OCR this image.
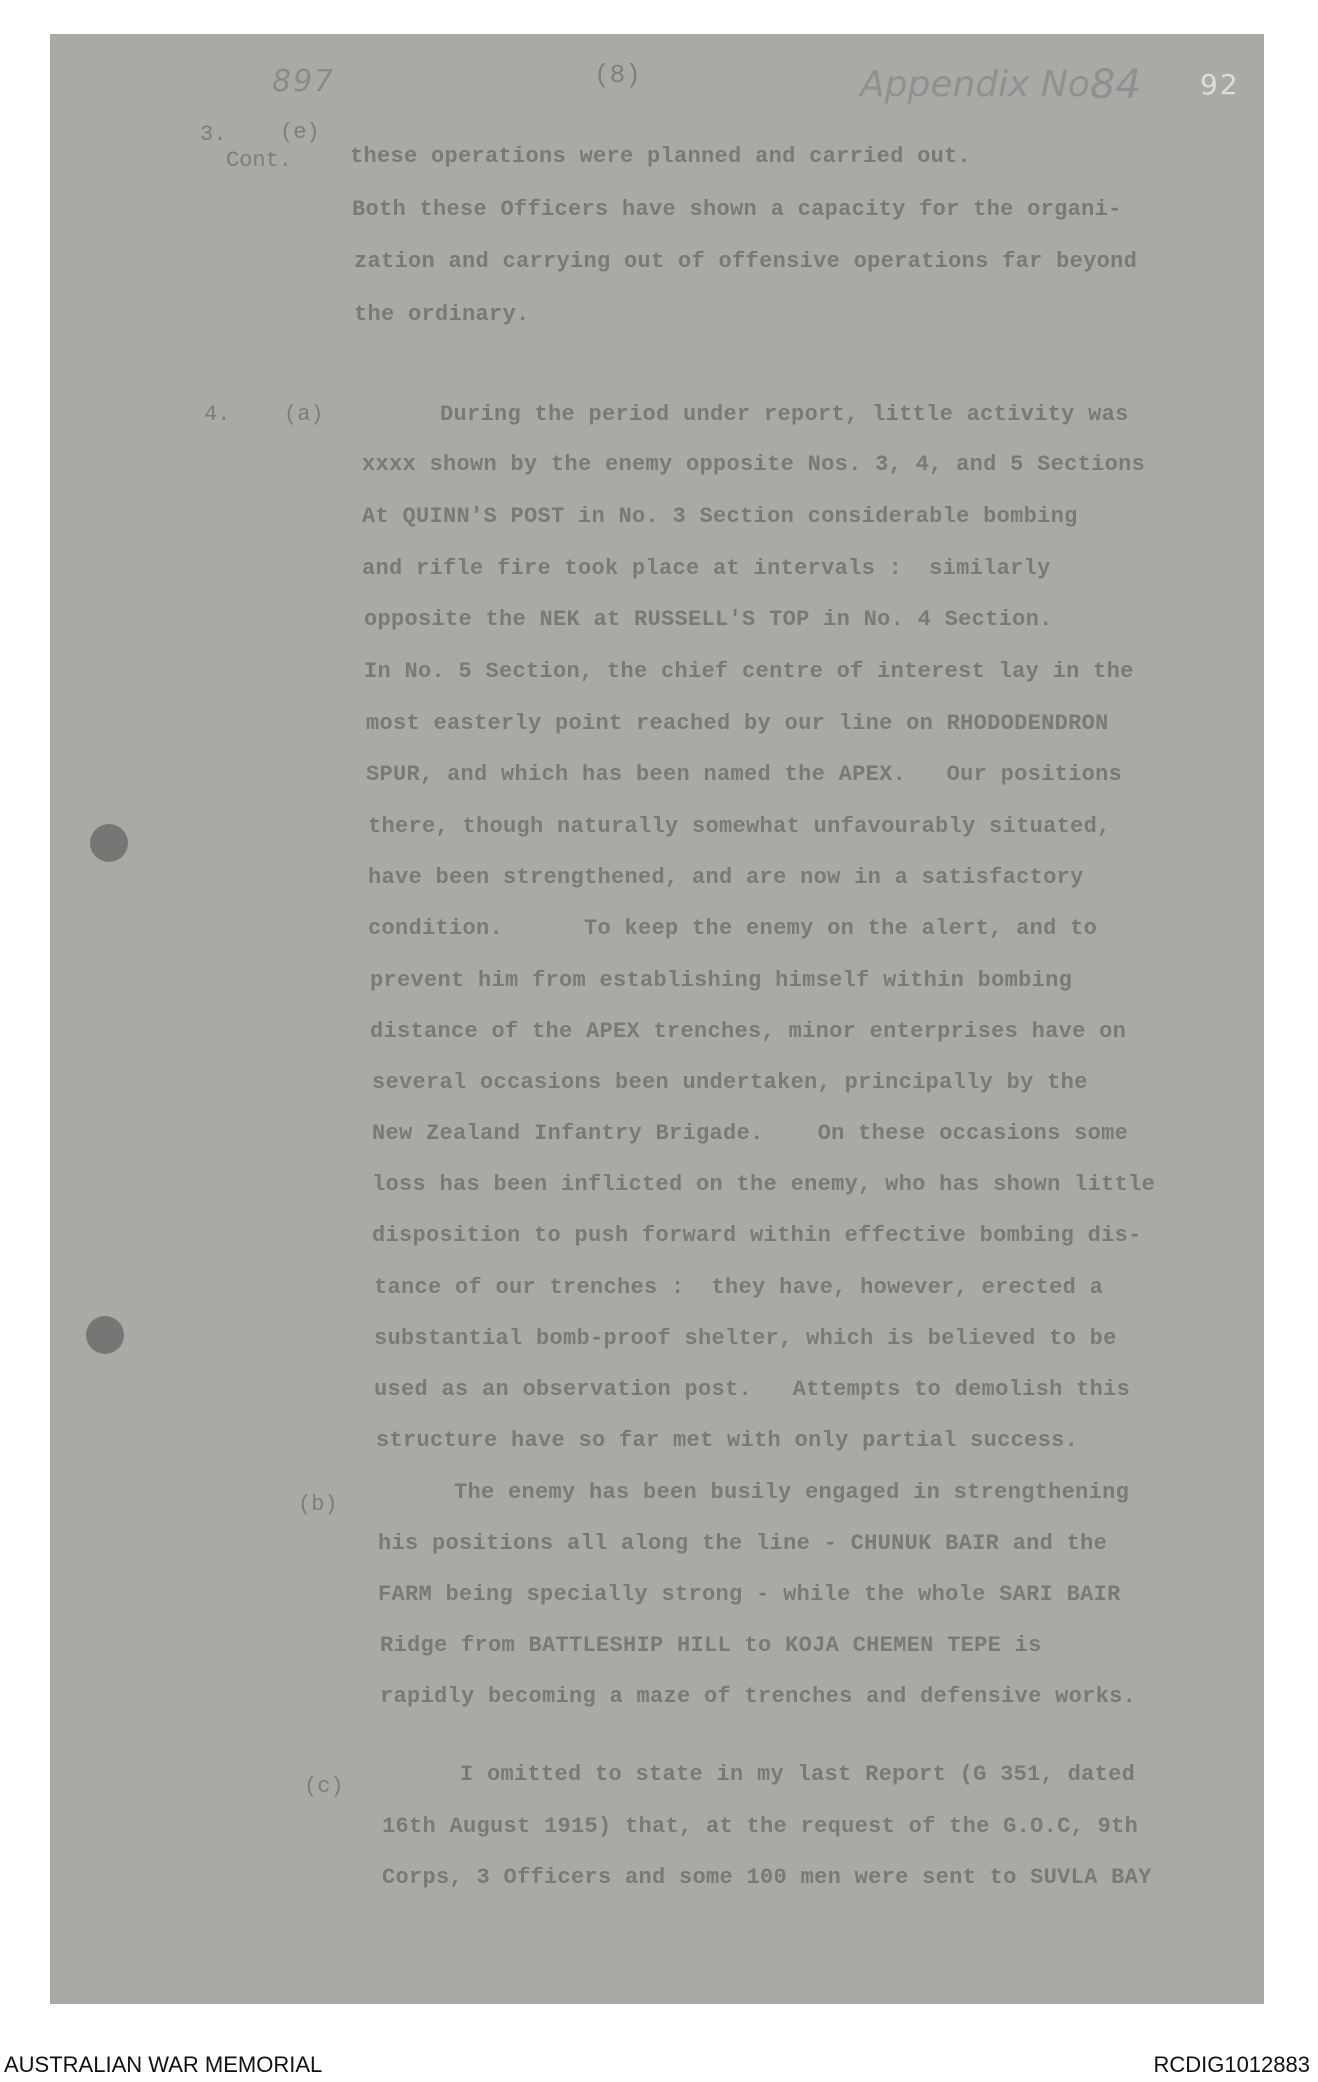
897	(8)	Appendix No.
84 92
3. (e)
Cont.
4. (a)
(b)
(c)
these operations were planned and carried out.
Both these Officers have shown a capacity for the organi-
zation and carrying out of offensive operations far beyond
the ordinary.
During the period under report, little activity was
xxxx shown by the enemy opposite Nos. 3, 4, and 5 Sections
At QUINN'S POST in No. 3 Section considerable bombing
and rifle fire took place at intervals :  similarly
opposite the NEK at RUSSELL'S TOP in No. 4 Section.
In No. 5 Section, the chief centre of interest lay in the
most easterly point reached by our line on RHODODENDRON
SPUR, and which has been named the APEX.   Our positions
there, though naturally somewhat unfavourably situated,
have been strengthened, and are now in a satisfactory
condition.      To keep the enemy on the alert, and to
prevent him from establishing himself within bombing
distance of the APEX trenches, minor enterprises have on
several occasions been undertaken, principally by the
New Zealand Infantry Brigade.    On these occasions some
loss has been inflicted on the enemy, who has shown little
disposition to push forward within effective bombing dis-
tance of our trenches :  they have, however, erected a
substantial bomb-proof shelter, which is believed to be
used as an observation post.   Attempts to demolish this
structure have so far met with only partial success.
The enemy has been busily engaged in strengthening
his positions all along the line - CHUNUK BAIR and the
FARM being specially strong - while the whole SARI BAIR
Ridge from BATTLESHIP HILL to KOJA CHEMEN TEPE is
rapidly becoming a maze of trenches and defensive works.
I omitted to state in my last Report (G 351, dated
16th August 1915) that, at the request of the G.O.C, 9th
Corps, 3 Officers and some 100 men were sent to SUVLA BAY
AUSTRALIAN WAR MEMORIAL	RCDIG1012883
